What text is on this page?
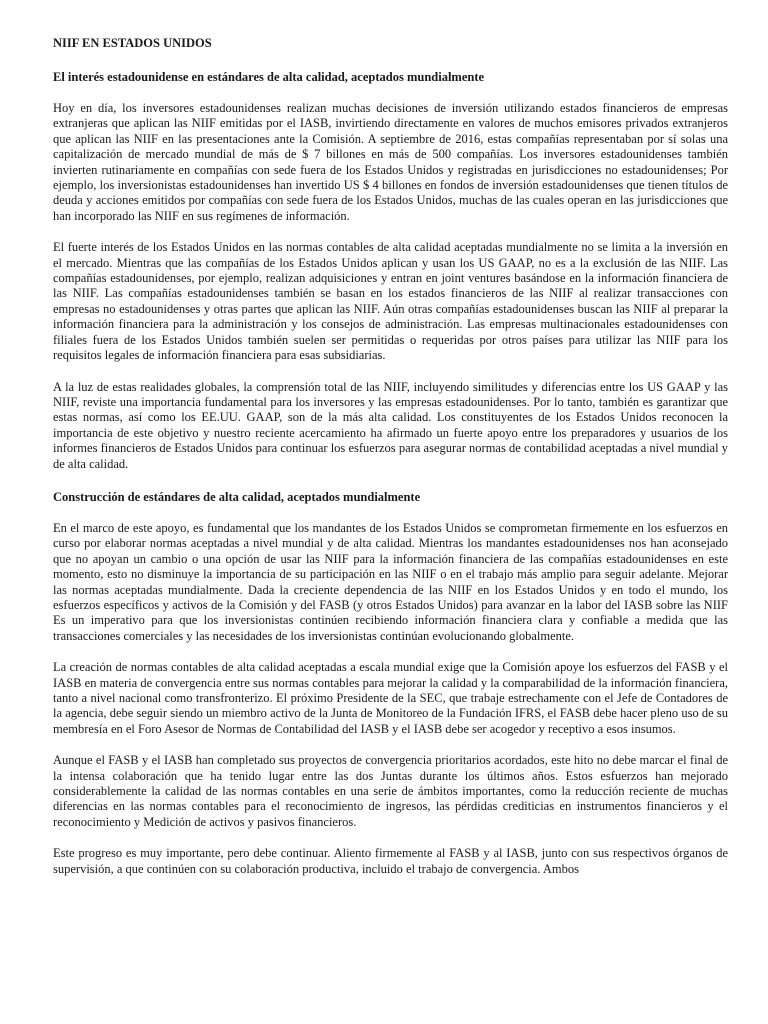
NIIF EN ESTADOS UNIDOS
El interés estadounidense en estándares de alta calidad, aceptados mundialmente

Hoy en día, los inversores estadounidenses realizan muchas decisiones de inversión utilizando estados financieros de empresas extranjeras que aplican las NIIF emitidas por el IASB, invirtiendo directamente en valores de muchos emisores privados extranjeros que aplican las NIIF en las presentaciones ante la Comisión. A septiembre de 2016, estas compañías representaban por sí solas una capitalización de mercado mundial de más de $ 7 billones en más de 500 compañías. Los inversores estadounidenses también invierten rutinariamente en compañías con sede fuera de los Estados Unidos y registradas en jurisdicciones no estadounidenses; Por ejemplo, los inversionistas estadounidenses han invertido US $ 4 billones en fondos de inversión estadounidenses que tienen títulos de deuda y acciones emitidos por compañías con sede fuera de los Estados Unidos, muchas de las cuales operan en las jurisdicciones que han incorporado las NIIF en sus regímenes de información.

El fuerte interés de los Estados Unidos en las normas contables de alta calidad aceptadas mundialmente no se limita a la inversión en el mercado. Mientras que las compañías de los Estados Unidos aplican y usan los US GAAP, no es a la exclusión de las NIIF. Las compañías estadounidenses, por ejemplo, realizan adquisiciones y entran en joint ventures basándose en la información financiera de las NIIF. Las compañías estadounidenses también se basan en los estados financieros de las NIIF al realizar transacciones con empresas no estadounidenses y otras partes que aplican las NIIF. Aún otras compañías estadounidenses buscan las NIIF al preparar la información financiera para la administración y los consejos de administración. Las empresas multinacionales estadounidenses con filiales fuera de los Estados Unidos también suelen ser permitidas o requeridas por otros países para utilizar las NIIF para los requisitos legales de información financiera para esas subsidiarias.

A la luz de estas realidades globales, la comprensión total de las NIIF, incluyendo similitudes y diferencias entre los US GAAP y las NIIF, reviste una importancia fundamental para los inversores y las empresas estadounidenses. Por lo tanto, también es garantizar que estas normas, así como los EE.UU. GAAP, son de la más alta calidad. Los constituyentes de los Estados Unidos reconocen la importancia de este objetivo y nuestro reciente acercamiento ha afirmado un fuerte apoyo entre los preparadores y usuarios de los informes financieros de Estados Unidos para continuar los esfuerzos para asegurar normas de contabilidad aceptadas a nivel mundial y de alta calidad.

Construcción de estándares de alta calidad, aceptados mundialmente

En el marco de este apoyo, es fundamental que los mandantes de los Estados Unidos se comprometan firmemente en los esfuerzos en curso por elaborar normas aceptadas a nivel mundial y de alta calidad. Mientras los mandantes estadounidenses nos han aconsejado que no apoyan un cambio o una opción de usar las NIIF para la información financiera de las compañías estadounidenses en este momento, esto no disminuye la importancia de su participación en las NIIF o en el trabajo más amplio para seguir adelante. Mejorar las normas aceptadas mundialmente. Dada la creciente dependencia de las NIIF en los Estados Unidos y en todo el mundo, los esfuerzos específicos y activos de la Comisión y del FASB (y otros Estados Unidos) para avanzar en la labor del IASB sobre las NIIF Es un imperativo para que los inversionistas continúen recibiendo información financiera clara y confiable a medida que las transacciones comerciales y las necesidades de los inversionistas continúan evolucionando globalmente.

La creación de normas contables de alta calidad aceptadas a escala mundial exige que la Comisión apoye los esfuerzos del FASB y el IASB en materia de convergencia entre sus normas contables para mejorar la calidad y la comparabilidad de la información financiera, tanto a nivel nacional como transfronterizo. El próximo Presidente de la SEC, que trabaje estrechamente con el Jefe de Contadores de la agencia, debe seguir siendo un miembro activo de la Junta de Monitoreo de la Fundación IFRS, el FASB debe hacer pleno uso de su membresía en el Foro Asesor de Normas de Contabilidad del IASB y el IASB debe ser acogedor y receptivo a esos insumos.

Aunque el FASB y el IASB han completado sus proyectos de convergencia prioritarios acordados, este hito no debe marcar el final de la intensa colaboración que ha tenido lugar entre las dos Juntas durante los últimos años. Estos esfuerzos han mejorado considerablemente la calidad de las normas contables en una serie de ámbitos importantes, como la reducción reciente de muchas diferencias en las normas contables para el reconocimiento de ingresos, las pérdidas crediticias en instrumentos financieros y el reconocimiento y Medición de activos y pasivos financieros.

Este progreso es muy importante, pero debe continuar. Aliento firmemente al FASB y al IASB, junto con sus respectivos órganos de supervisión, a que continúen con su colaboración productiva, incluido el trabajo de convergencia. Ambos
